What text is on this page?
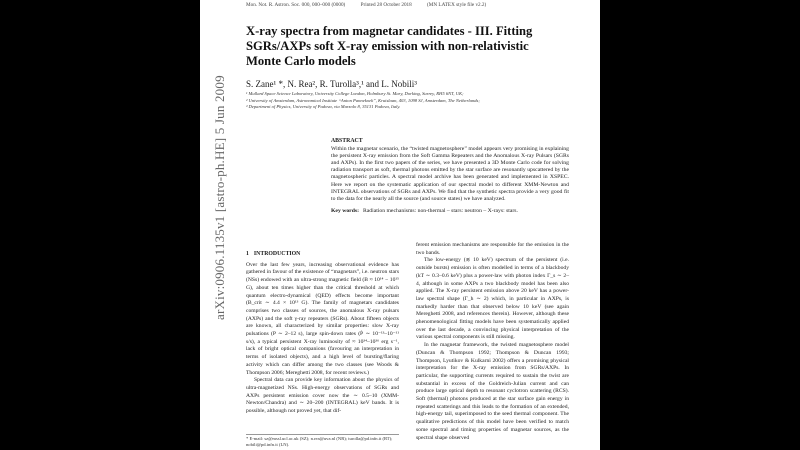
Mon. Not. R. Astron. Soc. 000, 000–000 (0000)	Printed 28 October 2018	(MN LATEX style file v2.2)
arXiv:0906.1135v1 [astro-ph.HE] 5 Jun 2009
X-ray spectra from magnetar candidates - III. Fitting
SGRs/AXPs soft X-ray emission with non-relativistic
Monte Carlo models
S. Zane¹ *, N. Rea², R. Turolla³,¹ and L. Nobili³
¹ Mullard Space Science Laboratory, University College London, Holmbury St. Mary, Dorking, Surrey, RH5 6NT, UK;
² University of Amsterdam, Astronomical Institute “Anton Pannekoek”, Kruislaan, 403, 1098 SJ, Amsterdam, The Netherlands;
³ Department of Physics, University of Padova, via Marzolo 8, 35131 Padova, Italy.
ABSTRACT
Within the magnetar scenario, the “twisted magnetosphere” model appears very promising in explaining the persistent X-ray emission from the Soft Gamma Repeaters and the Anomalous X-ray Pulsars (SGRs and AXPs). In the first two papers of the series, we have presented a 3D Monte Carlo code for solving radiation transport as soft, thermal photons emitted by the star surface are resonantly upscattered by the magnetospheric particles. A spectral model archive has been generated and implemented in XSPEC. Here we report on the systematic application of our spectral model to different XMM-Newton and INTEGRAL observations of SGRs and AXPs. We find that the synthetic spectra provide a very good fit to the data for the nearly all the source (and source states) we have analyzed.
Key words: Radiation mechanisms: non-thermal – stars: neutron – X-rays: stars.
1 INTRODUCTION

Over the last few years, increasing observational evidence has gathered in favour of the existence of “magnetars”, i.e. neutron stars (NSs) endowed with an ultra-strong magnetic field (B ≈ 10¹⁴ − 10¹⁵ G), about ten times higher than the critical threshold at which quantum electro-dynamical (QED) effects become important (B_crit ∼ 4.4 × 10¹³ G). The family of magnetars candidates comprises two classes of sources, the anomalous X-ray pulsars (AXPs) and the soft γ-ray repeaters (SGRs). About fifteen objects are known, all characterized by similar properties: slow X-ray pulsations (P ∼ 2–12 s), large spin-down rates (Ṗ ∼ 10⁻¹³–10⁻¹¹ s/s), a typical persistent X-ray luminosity of ≈ 10³⁴–10³⁶ erg s⁻¹, lack of bright optical companions (favouring an interpretation in terms of isolated objects), and a high level of bursting/flaring activity which can differ among the two classes (see Woods & Thompson 2006; Mereghetti 2008, for recent reviews.)

Spectral data can provide key information about the physics of ultra-magnetized NSs. High-energy observations of SGRs and AXPs persistent emission cover now the ∼ 0.5–10 (XMM-Newton/Chandra) and ∼ 20–200 (INTEGRAL) keV bands. It is possible, although not proved yet, that dif-

ferent emission mechanisms are responsible for the emission in the two bands.

The low-energy (≲ 10 keV) spectrum of the persistent (i.e. outside bursts) emission is often modelled in terms of a blackbody (kT ∼ 0.3–0.6 keV) plus a power-law with photon index Γ_s ∼ 2–4, although in some AXPs a two blackbody model has been also applied. The X-ray persistent emission above 20 keV has a power-law spectral shape (Γ_h ∼ 2) which, in particular in AXPs, is markedly harder than that observed below 10 keV (see again Mereghetti 2008, and references therein). However, although these phenomenological fitting models have been systematically applied over the last decade, a convincing physical interpretation of the various spectral components is still missing.

In the magnetar framework, the twisted magnetosphere model (Duncan & Thompson 1992; Thompson & Duncan 1993; Thompson, Lyutikov & Kulkarni 2002) offers a promising physical interpretation for the X-ray emission from SGRs/AXPs. In particular, the supporting currents required to sustain the twist are substantial in excess of the Goldreich-Julian current and can produce large optical depth to resonant cyclotron scattering (RCS). Soft (thermal) photons produced at the star surface gain energy in repeated scatterings and this leads to the formation of an extended, high-energy tail, superimposed to the seed thermal component. The qualitative predictions of this model have been verified to match some spectral and timing properties of magnetar sources, as the spectral shape observed

* E-mail: sz@mssl.ucl.ac.uk (SZ); n.rea@uva.nl (NR); turolla@pd.infn.it (RT); nobili@pd.infn.it (LN).
